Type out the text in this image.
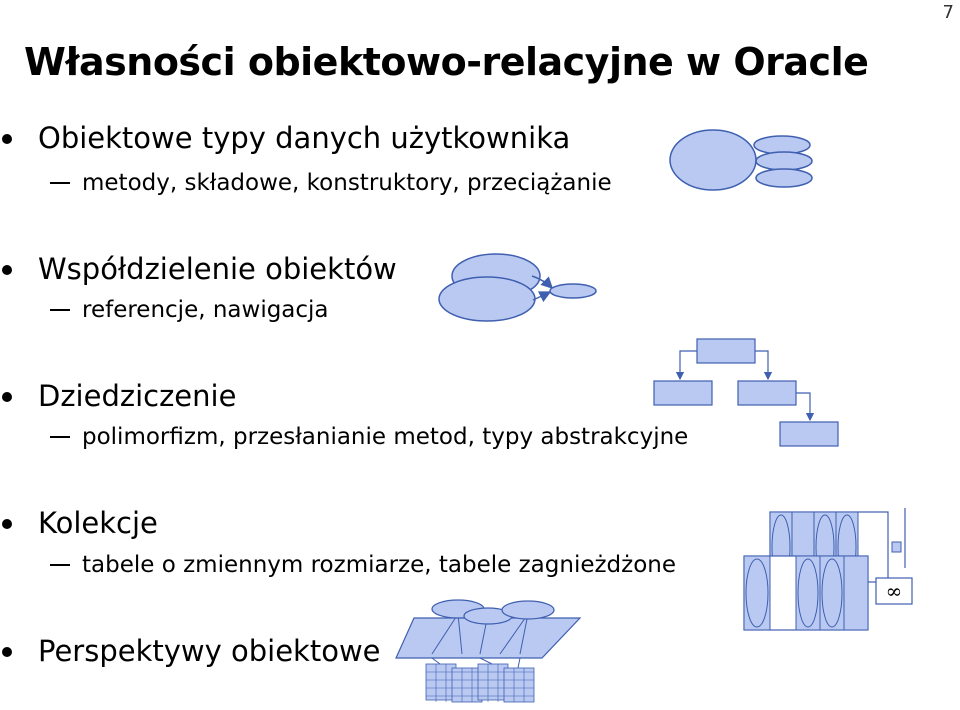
7
Własności obiektowo-relacyjne w Oracle
Obiektowe typy danych użytkownika
metody, składowe, konstruktory, przeciążanie
Współdzielenie obiektów
referencje, nawigacja
Dziedziczenie
polimorfizm, przesłanianie metod, typy abstrakcyjne
Kolekcje
tabele o zmiennym rozmiarze, tabele zagnieżdżone
Perspektywy obiektowe
∞
